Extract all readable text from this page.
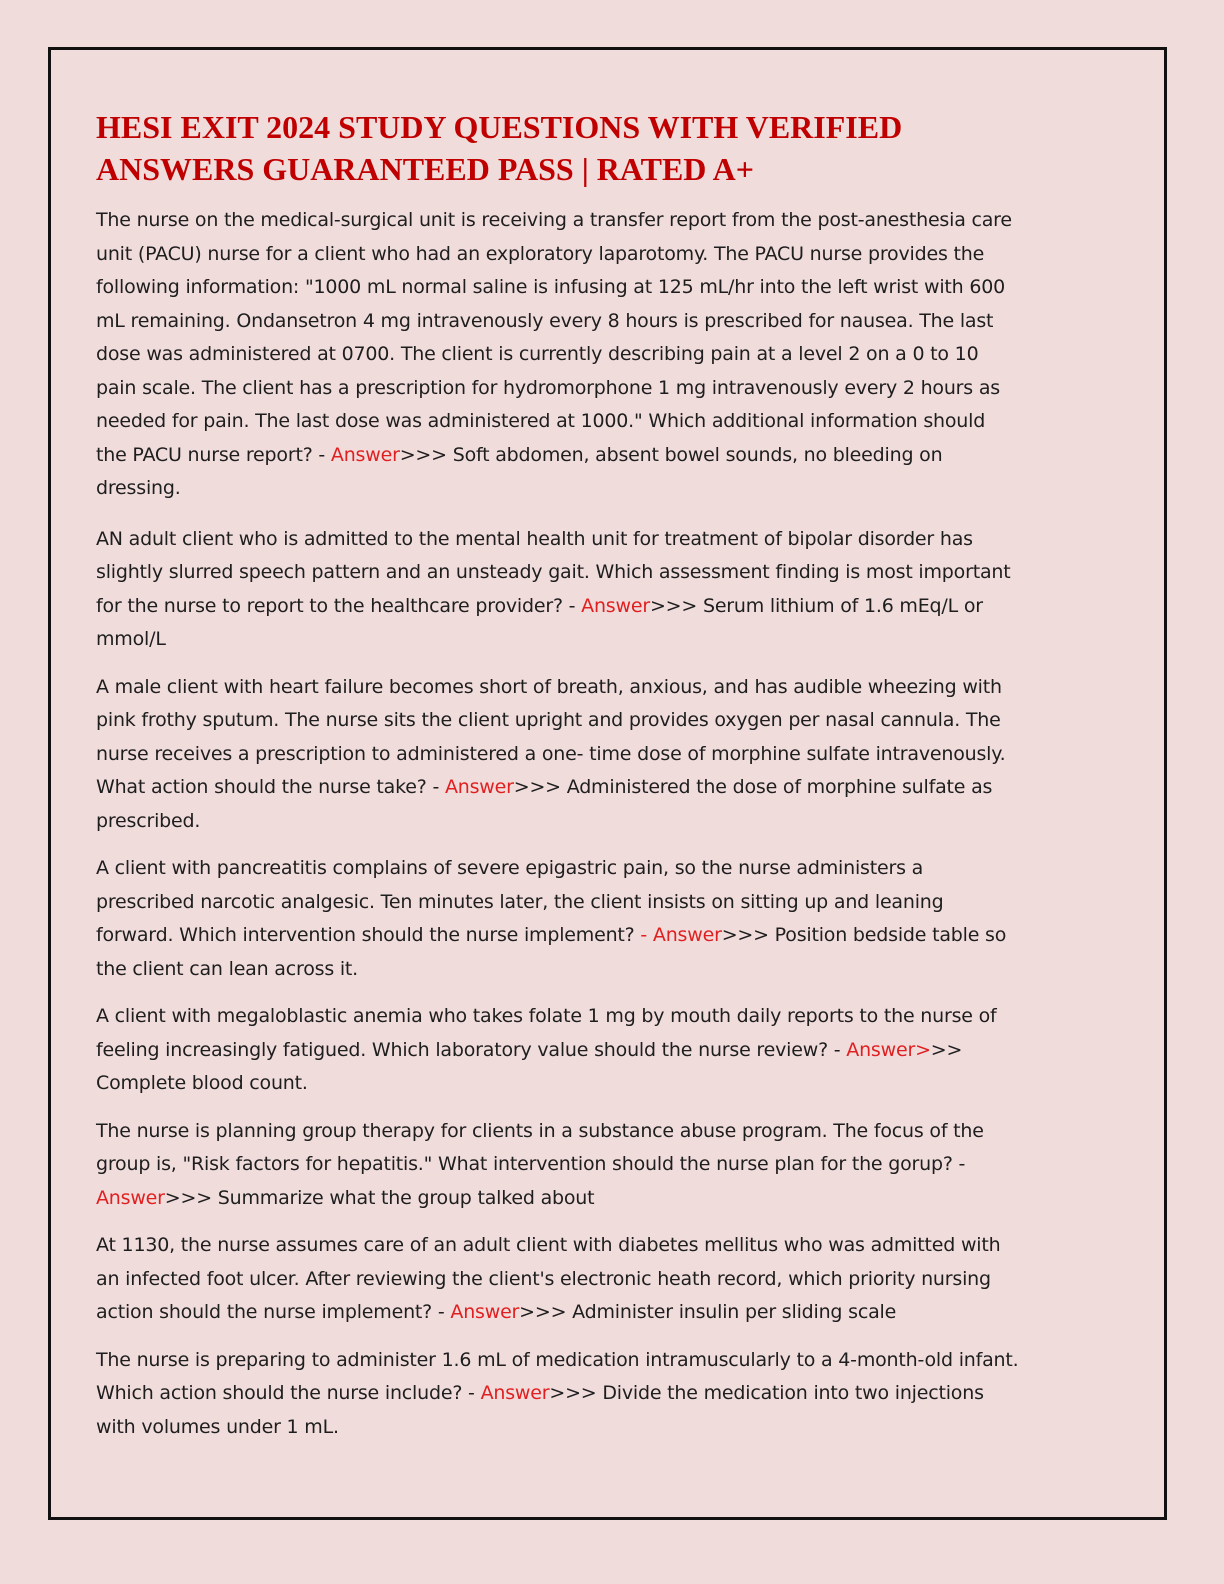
HESI EXIT 2024 STUDY QUESTIONS WITH VERIFIED ANSWERS GUARANTEED PASS | RATED A+

The nurse on the medical-surgical unit is receiving a transfer report from the post-anesthesia care unit (PACU) nurse for a client who had an exploratory laparotomy. The PACU nurse provides the following information: "1000 mL normal saline is infusing at 125 mL/hr into the left wrist with 600 mL remaining. Ondansetron 4 mg intravenously every 8 hours is prescribed for nausea. The last dose was administered at 0700. The client is currently describing pain at a level 2 on a 0 to 10 pain scale. The client has a prescription for hydromorphone 1 mg intravenously every 2 hours as needed for pain. The last dose was administered at 1000." Which additional information should the PACU nurse report? - Answer>>> Soft abdomen, absent bowel sounds, no bleeding on dressing.

AN adult client who is admitted to the mental health unit for treatment of bipolar disorder has slightly slurred speech pattern and an unsteady gait. Which assessment finding is most important for the nurse to report to the healthcare provider? - Answer>>> Serum lithium of 1.6 mEq/L or mmol/L

A male client with heart failure becomes short of breath, anxious, and has audible wheezing with pink frothy sputum. The nurse sits the client upright and provides oxygen per nasal cannula. The nurse receives a prescription to administered a one- time dose of morphine sulfate intravenously. What action should the nurse take? - Answer>>> Administered the dose of morphine sulfate as prescribed.

A client with pancreatitis complains of severe epigastric pain, so the nurse administers a prescribed narcotic analgesic. Ten minutes later, the client insists on sitting up and leaning forward. Which intervention should the nurse implement? - Answer>>> Position bedside table so the client can lean across it.

A client with megaloblastic anemia who takes folate 1 mg by mouth daily reports to the nurse of feeling increasingly fatigued. Which laboratory value should the nurse review? - Answer>>> Complete blood count.

The nurse is planning group therapy for clients in a substance abuse program. The focus of the group is, "Risk factors for hepatitis." What intervention should the nurse plan for the gorup? - Answer>>> Summarize what the group talked about

At 1130, the nurse assumes care of an adult client with diabetes mellitus who was admitted with an infected foot ulcer. After reviewing the client's electronic heath record, which priority nursing action should the nurse implement? - Answer>>> Administer insulin per sliding scale

The nurse is preparing to administer 1.6 mL of medication intramuscularly to a 4-month-old infant. Which action should the nurse include? - Answer>>> Divide the medication into two injections with volumes under 1 mL.
